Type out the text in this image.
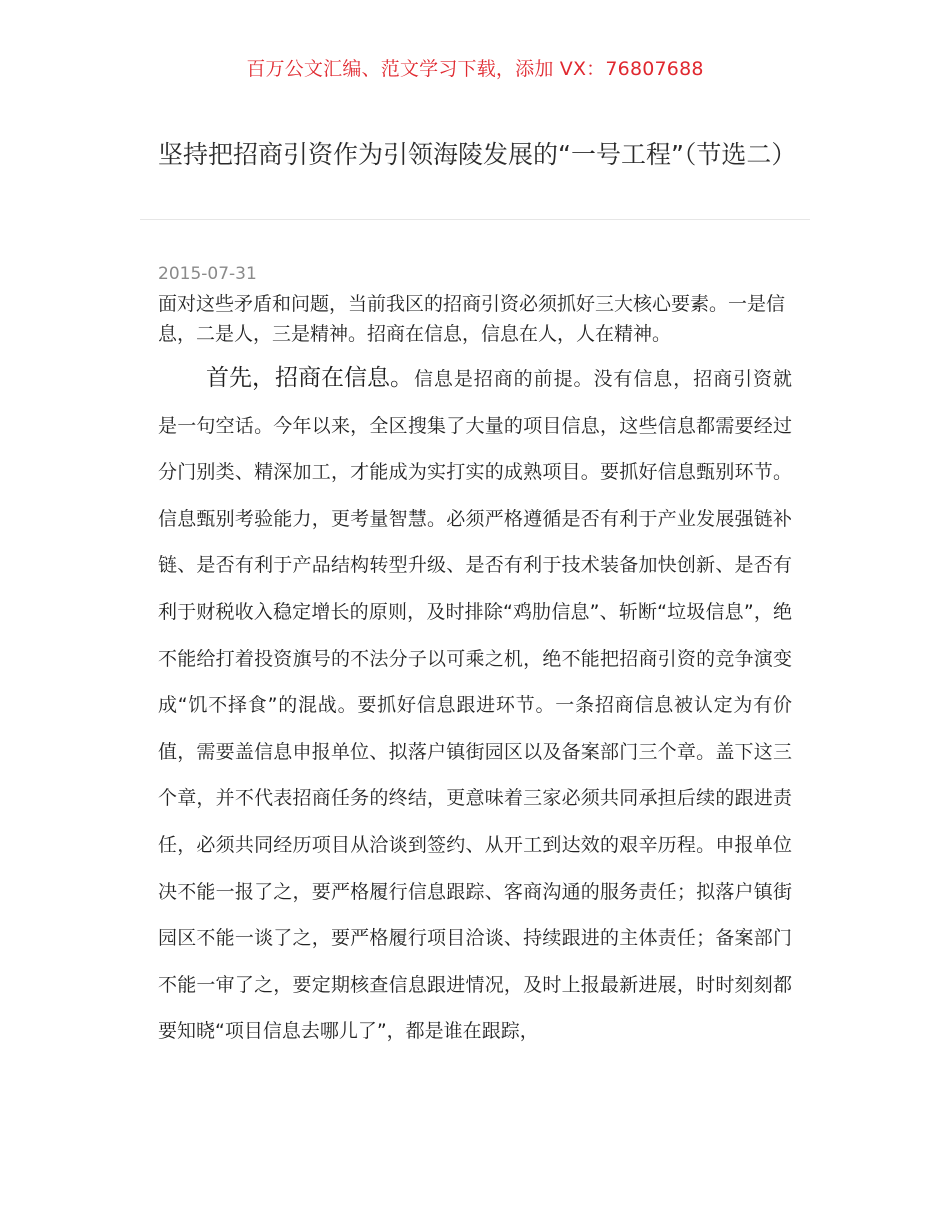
百万公文汇编、范文学习下载，添加 VX：76807688
坚持把招商引资作为引领海陵发展的“一号工程”（节选二）
2015-07-31

面对这些矛盾和问题，当前我区的招商引资必须抓好三大核心要素。一是信息，二是人，三是精神。招商在信息，信息在人，人在精神。

首先，招商在信息。信息是招商的前提。没有信息，招商引资就是一句空话。今年以来，全区搜集了大量的项目信息，这些信息都需要经过分门别类、精深加工，才能成为实打实的成熟项目。要抓好信息甄别环节。信息甄别考验能力，更考量智慧。必须严格遵循是否有利于产业发展强链补链、是否有利于产品结构转型升级、是否有利于技术装备加快创新、是否有利于财税收入稳定增长的原则，及时排除“鸡肋信息”、斩断“垃圾信息”，绝不能给打着投资旗号的不法分子以可乘之机，绝不能把招商引资的竞争演变成“饥不择食”的混战。要抓好信息跟进环节。一条招商信息被认定为有价值，需要盖信息申报单位、拟落户镇街园区以及备案部门三个章。盖下这三个章，并不代表招商任务的终结，更意味着三家必须共同承担后续的跟进责任，必须共同经历项目从洽谈到签约、从开工到达效的艰辛历程。申报单位决不能一报了之，要严格履行信息跟踪、客商沟通的服务责任；拟落户镇街园区不能一谈了之，要严格履行项目洽谈、持续跟进的主体责任；备案部门不能一审了之，要定期核查信息跟进情况，及时上报最新进展，时时刻刻都要知晓“项目信息去哪儿了”，都是谁在跟踪，
